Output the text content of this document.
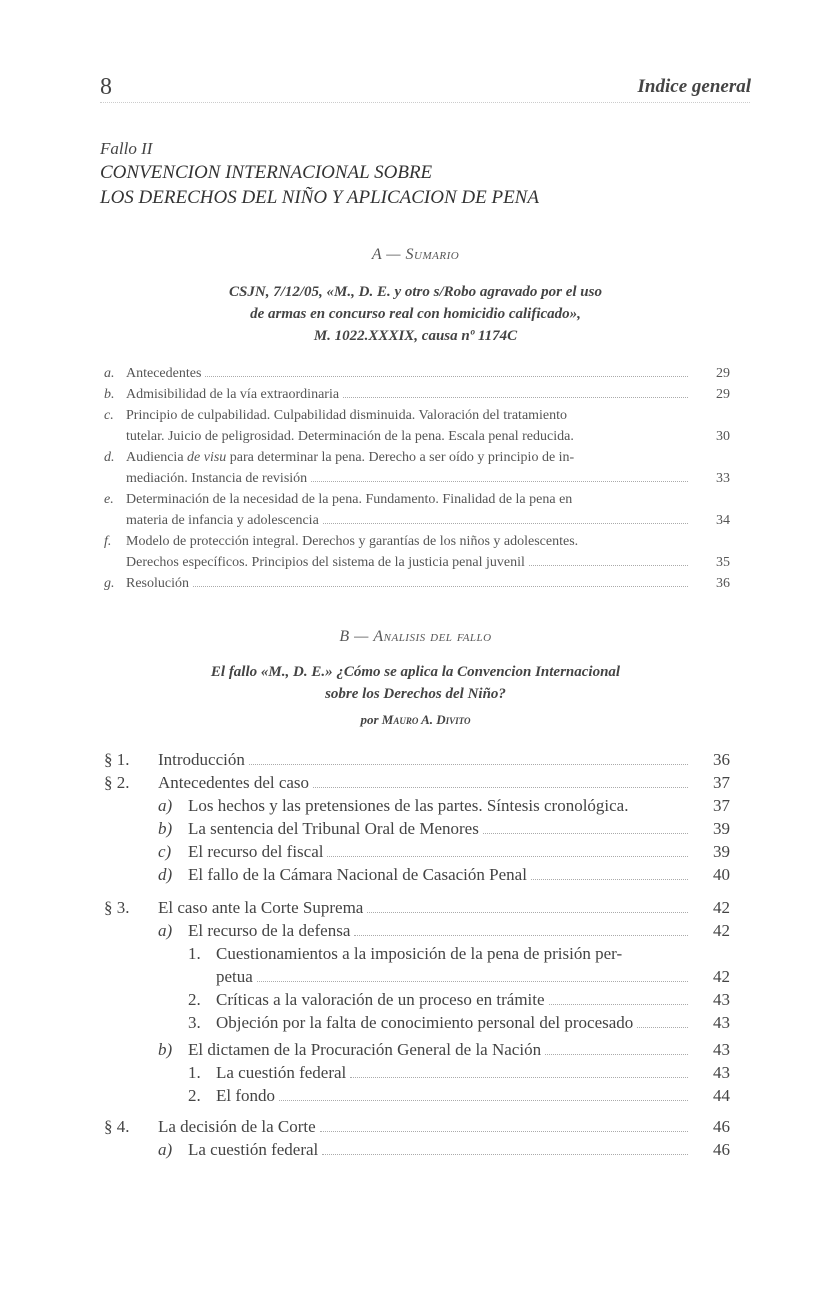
8	Indice general
Fallo II
CONVENCION INTERNACIONAL SOBRE
LOS DERECHOS DEL NIÑO Y APLICACION DE PENA
A — Sumario
CSJN, 7/12/05, «M., D. E. y otro s/Robo agravado por el uso
de armas en concurso real con homicidio calificado»,
M. 1022.XXXIX, causa nº 1174C
a. Antecedentes	29
b. Admisibilidad de la vía extraordinaria	29
c. Principio de culpabilidad. Culpabilidad disminuida. Valoración del tratamiento
tutelar. Juicio de peligrosidad. Determinación de la pena. Escala penal reducida.	30
d. Audiencia de visu para determinar la pena. Derecho a ser oído y principio de in-
mediación. Instancia de revisión	33
e. Determinación de la necesidad de la pena. Fundamento. Finalidad de la pena en
materia de infancia y adolescencia	34
f.	Modelo de protección integral. Derechos y garantías de los niños y adolescentes.
Derechos específicos. Principios del sistema de la justicia penal juvenil	35
g. Resolución	36
B — Analisis del fallo
El fallo «M., D. E.» ¿Cómo se aplica la Convencion Internacional
sobre los Derechos del Niño?
por Mauro A. Divito
§ 1.	Introducción	36
§ 2.	Antecedentes del caso	37
a) Los hechos y las pretensiones de las partes. Síntesis cronológica.	37
b) La sentencia del Tribunal Oral de Menores	39
c) El recurso del fiscal	39
d) El fallo de la Cámara Nacional de Casación Penal	40
§ 3.	El caso ante la Corte Suprema	42
a) El recurso de la defensa	42
1. Cuestionamientos a la imposición de la pena de prisión per-
petua	42
2. Críticas a la valoración de un proceso en trámite	43
3. Objeción por la falta de conocimiento personal del procesado	43
b) El dictamen de la Procuración General de la Nación	43
1. La cuestión federal	43
2. El fondo	44
§ 4.	La decisión de la Corte	46
a) La cuestión federal	46
